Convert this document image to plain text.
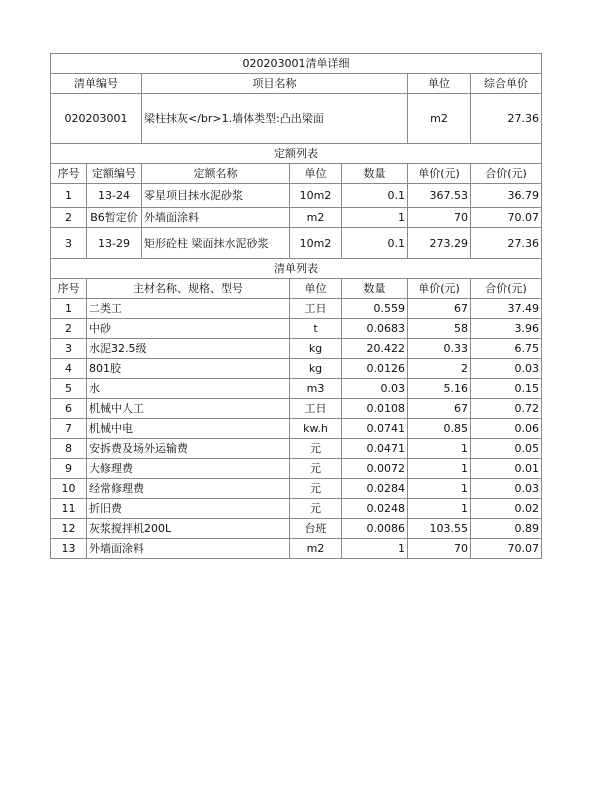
020203001清单详细						
清单编号		项目名称			单位	综合单价
020203001		梁柱抹灰</br>1.墙体类型:凸出梁面			m2	27.36
定额列表						
序号	定额编号	定额名称	单位	数量	单价(元)	合价(元)
1	13-24	零星项目抹水泥砂浆	10m2	0.1	367.53	36.79
2	B6暂定价	外墙面涂料	m2	1	70	70.07
3	13-29	矩形砼柱 梁面抹水泥砂浆	10m2	0.1	273.29	27.36
清单列表						
序号	主材名称、规格、型号		单位	数量	单价(元)	合价(元)
1	二类工		工日	0.559	67	37.49
2	中砂		t	0.0683	58	3.96
3	水泥32.5级		kg	20.422	0.33	6.75
4	801胶		kg	0.0126	2	0.03
5	水		m3	0.03	5.16	0.15
6	机械中人工		工日	0.0108	67	0.72
7	机械中电		kw.h	0.0741	0.85	0.06
8	安拆费及场外运输费		元	0.0471	1	0.05
9	大修理费		元	0.0072	1	0.01
10	经常修理费		元	0.0284	1	0.03
11	折旧费		元	0.0248	1	0.02
12	灰浆搅拌机200L		台班	0.0086	103.55	0.89
13	外墙面涂料		m2	1	70	70.07
